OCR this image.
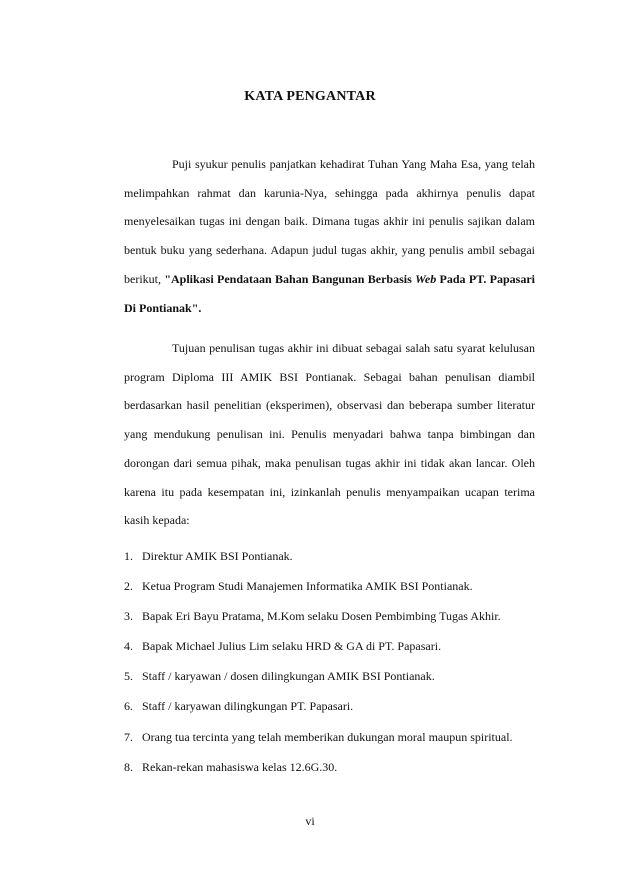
KATA PENGANTAR

Puji syukur penulis panjatkan kehadirat Tuhan Yang Maha Esa, yang telah melimpahkan rahmat dan karunia-Nya, sehingga pada akhirnya penulis dapat menyelesaikan tugas ini dengan baik. Dimana tugas akhir ini penulis sajikan dalam bentuk buku yang sederhana. Adapun judul tugas akhir, yang penulis ambil sebagai berikut, "Aplikasi Pendataan Bahan Bangunan Berbasis Web Pada PT. Papasari Di Pontianak".

Tujuan penulisan tugas akhir ini dibuat sebagai salah satu syarat kelulusan program Diploma III AMIK BSI Pontianak. Sebagai bahan penulisan diambil berdasarkan hasil penelitian (eksperimen), observasi dan beberapa sumber literatur yang mendukung penulisan ini. Penulis menyadari bahwa tanpa bimbingan dan dorongan dari semua pihak, maka penulisan tugas akhir ini tidak akan lancar. Oleh karena itu pada kesempatan ini, izinkanlah penulis menyampaikan ucapan terima kasih kepada:

1. Direktur AMIK BSI Pontianak.
2. Ketua Program Studi Manajemen Informatika AMIK BSI Pontianak.
3. Bapak Eri Bayu Pratama, M.Kom selaku Dosen Pembimbing Tugas Akhir.
4. Bapak Michael Julius Lim selaku HRD & GA di PT. Papasari.
5. Staff / karyawan / dosen dilingkungan AMIK BSI Pontianak.
6. Staff / karyawan dilingkungan PT. Papasari.
7. Orang tua tercinta yang telah memberikan dukungan moral maupun spiritual.
8. Rekan-rekan mahasiswa kelas 12.6G.30.
vi
